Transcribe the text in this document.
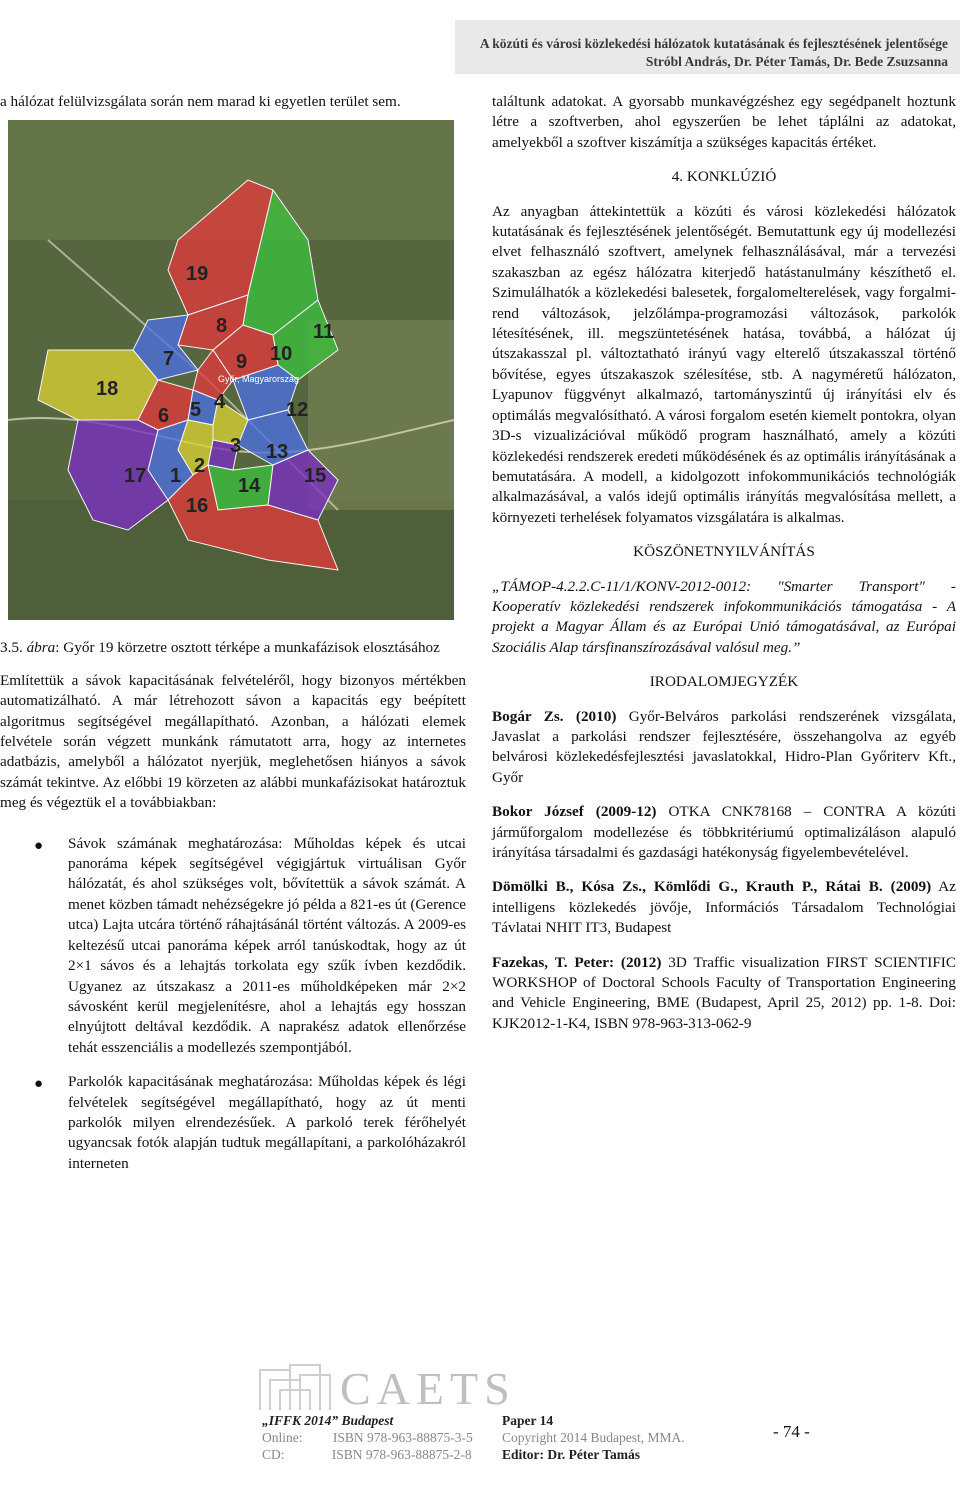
A közúti és városi közlekedési hálózatok kutatásának és fejlesztésének jelentősége
Stróbl András, Dr. Péter Tamás, Dr. Bede Zsuzsanna

a hálózat felülvizsgálata során nem marad ki egyetlen terület sem.

19
8	11
10
7	9
18
4	12
6 5
3 13
2
17 1	15
14
16
Győr, Magyarország

3.5. ábra: Győr 19 körzetre osztott térképe a munkafázisok elosztásához

Említettük a sávok kapacitásának felvételéről, hogy bizonyos mértékben automatizálható. A már létrehozott sávon a kapacitás egy beépített algoritmus segítségével megállapítható. Azonban, a hálózati elemek felvétele során végzett munkánk rámutatott arra, hogy az internetes adatbázis, amelyből a hálózatot nyerjük, meglehetősen hiányos a sávok számát tekintve. Az előbbi 19 körzeten az alábbi munkafázisokat határoztuk meg és végeztük el a továbbiakban:

● Sávok számának meghatározása: Műholdas képek és utcai panoráma képek segítségével végigjártuk virtuálisan Győr hálózatát, és ahol szükséges volt, bővítettük a sávok számát. A menet közben támadt nehézségekre jó példa a 821-es út (Gerence utca) Lajta utcára történő ráhajtásánál történt változás. A 2009-es keltezésű utcai panoráma képek arról tanúskodtak, hogy az út 2×1 sávos és a lehajtás torkolata egy szűk ívben kezdődik. Ugyanez az útszakasz a 2011-es műholdképeken már 2×2 sávosként kerül megjelenítésre, ahol a lehajtás egy hosszan elnyújtott deltával kezdődik. A naprakész adatok ellenőrzése tehát esszenciális a modellezés szempontjából.
● Parkolók kapacitásának meghatározása: Műholdas képek és légi felvételek segítségével megállapítható, hogy az út menti parkolók milyen elrendezésűek. A parkoló terek férőhelyét ugyancsak fotók alapján tudtuk megállapítani, a parkolóházakról interneten

találtunk adatokat. A gyorsabb munkavégzéshez egy segédpanelt hoztunk létre a szoftverben, ahol egyszerűen be lehet táplálni az adatokat, amelyekből a szoftver kiszámítja a szükséges kapacitás értéket.

4. KONKLÚZIÓ

Az anyagban áttekintettük a közúti és városi közlekedési hálózatok kutatásának és fejlesztésének jelentőségét. Bemutattunk egy új modellezési elvet felhasználó szoftvert, amelynek felhasználásával, már a tervezési szakaszban az egész hálózatra kiterjedő hatástanulmány készíthető el. Szimulálhatók a közlekedési balesetek, forgalomelterelések, vagy forgalmi-rend változások, jelzőlámpa-programozási változások, parkolók létesítésének, ill. megszüntetésének hatása, továbbá, a hálózat új útszakasszal pl. változtatható irányú vagy elterelő útszakasszal történő bővítése, egyes útszakaszok szélesítése, stb. A nagyméretű hálózaton, Lyapunov függvényt alkalmazó, tartományszintű új irányítási elv és optimálás megvalósítható. A városi forgalom esetén kiemelt pontokra, olyan 3D-s vizualizációval működő program használható, amely a közúti közlekedési rendszerek eredeti működésének és az optimális irányításának a bemutatására. A modell, a kidolgozott infokommunikációs technológiák alkalmazásával, a valós idejű optimális irányítás megvalósítása mellett, a környezeti terhelések folyamatos vizsgálatára is alkalmas.

KÖSZÖNETNYILVÁNÍTÁS

„TÁMOP-4.2.2.C-11/1/KONV-2012-0012: "Smarter Transport" - Kooperatív közlekedési rendszerek infokommunikációs támogatása - A projekt a Magyar Állam és az Európai Unió támogatásával, az Európai Szociális Alap társfinanszírozásával valósul meg.”

IRODALOMJEGYZÉK

Bogár Zs. (2010) Győr-Belváros parkolási rendszerének vizsgálata, Javaslat a parkolási rendszer fejlesztésére, összehangolva az egyéb belvárosi közlekedésfejlesztési javaslatokkal, Hidro-Plan Győriterv Kft., Győr

Bokor József (2009-12) OTKA CNK78168 – CONTRA A közúti járműforgalom modellezése és többkritériumú optimalizáláson alapuló irányítása társadalmi és gazdasági hatékonyság figyelembevételével.

Dömölki B., Kósa Zs., Kömlődi G., Krauth P., Rátai B. (2009) Az intelligens közlekedés jövője, Információs Társadalom Technológiai Távlatai NHIT IT3, Budapest

Fazekas, T. Peter: (2012) 3D Traffic visualization FIRST SCIENTIFIC WORKSHOP of Doctoral Schools Faculty of Transportation Engineering and Vehicle Engineering, BME (Budapest, April 25, 2012) pp. 1-8. Doi: KJK2012-1-K4, ISBN 978-963-313-062-9

CAETS
„IFFK 2014” Budapest
Online: ISBN 978-963-88875-3-5
CD:	ISBN 978-963-88875-2-8
Paper 14
Copyright 2014 Budapest, MMA.
Editor: Dr. Péter Tamás
- 74 -
